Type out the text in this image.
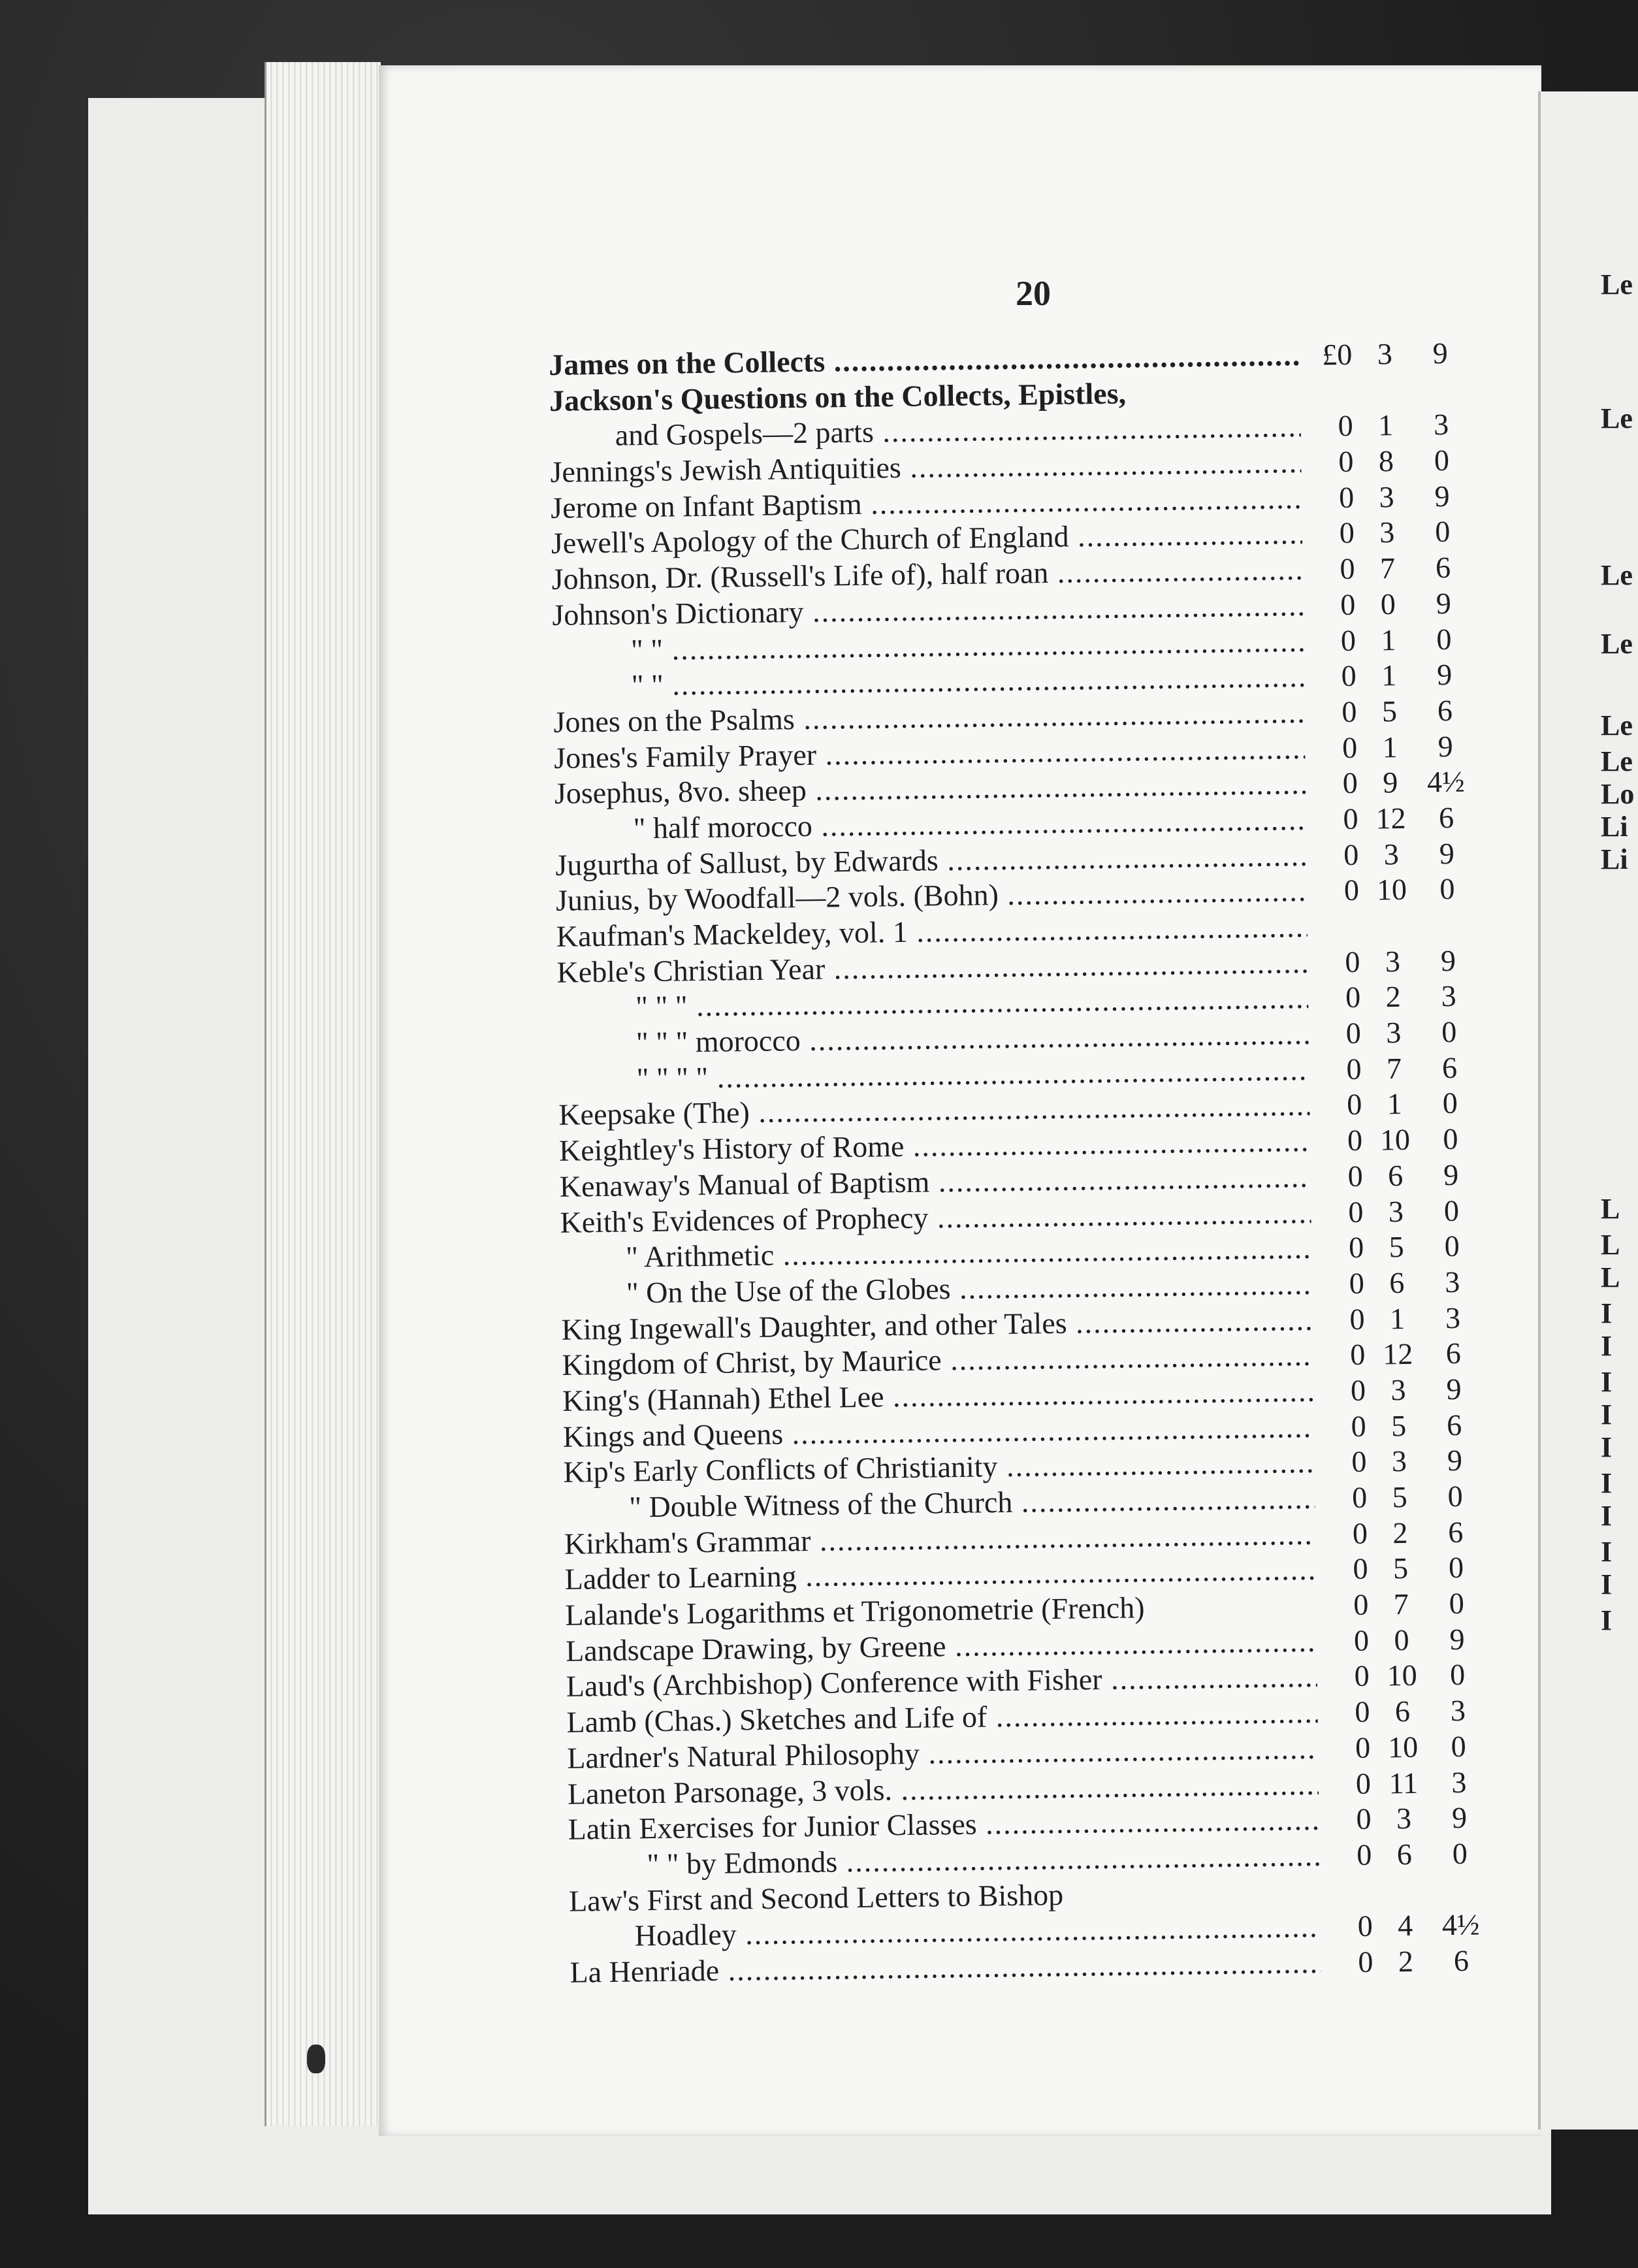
Le
Le
Le
Le
Le
Le
Lo
Li
Li
L
L
L
I
I
I
I
I
I
I
I
I
I
20
James on the Collects .....	£0 3	9
Jackson's Questions on the Collects, Epistles,
and Gospels—2 parts .....	0 1	3
Jennings's Jewish Antiquities .....	0 8	0
Jerome on Infant Baptism .....	0 3	9
Jewell's Apology of the Church of England .....	0 3	0
Johnson, Dr. (Russell's Life of), half roan .....	0 7	6
Johnson's Dictionary .....	0 0	9
" " .....	0 1	0
" " .....	0 1	9
Jones on the Psalms .....	0 5	6
Jones's Family Prayer .....	0 1	9
Josephus, 8vo. sheep .....	0 9 4½
" half morocco .....	0 12	6
Jugurtha of Sallust, by Edwards .....	0 3	9
Junius, by Woodfall—2 vols. (Bohn) .....	0 10	0
Kaufman's Mackeldey, vol. 1 .....
Keble's Christian Year .....	0 3	9
" " " .....	0 2	3
" " " morocco .....	0 3	0
" " " " .....	0 7	6
Keepsake (The) .....	0 1	0
Keightley's History of Rome .....	0 10	0
Kenaway's Manual of Baptism .....	0 6	9
Keith's Evidences of Prophecy .....	0 3	0
" Arithmetic .....	0 5	0
" On the Use of the Globes .....	0 6	3
King Ingewall's Daughter, and other Tales .....	0 1	3
Kingdom of Christ, by Maurice .....	0 12	6
King's (Hannah) Ethel Lee .....	0 3	9
Kings and Queens .....	0 5	6
Kip's Early Conflicts of Christianity .....	0 3	9
" Double Witness of the Church .....	0 5	0
Kirkham's Grammar .....	0 2	6
Ladder to Learning .....	0 5	0
Lalande's Logarithms et Trigonometrie (French)	0 7	0
Landscape Drawing, by Greene .....	0 0	9
Laud's (Archbishop) Conference with Fisher .....	0 10	0
Lamb (Chas.) Sketches and Life of .....	0 6	3
Lardner's Natural Philosophy .....	0 10	0
Laneton Parsonage, 3 vols. .....	0 11	3
Latin Exercises for Junior Classes .....	0 3	9
" " by Edmonds .....	0 6	0
Law's First and Second Letters to Bishop
Hoadley .....	0 4 4½
La Henriade .....	0 2	6
